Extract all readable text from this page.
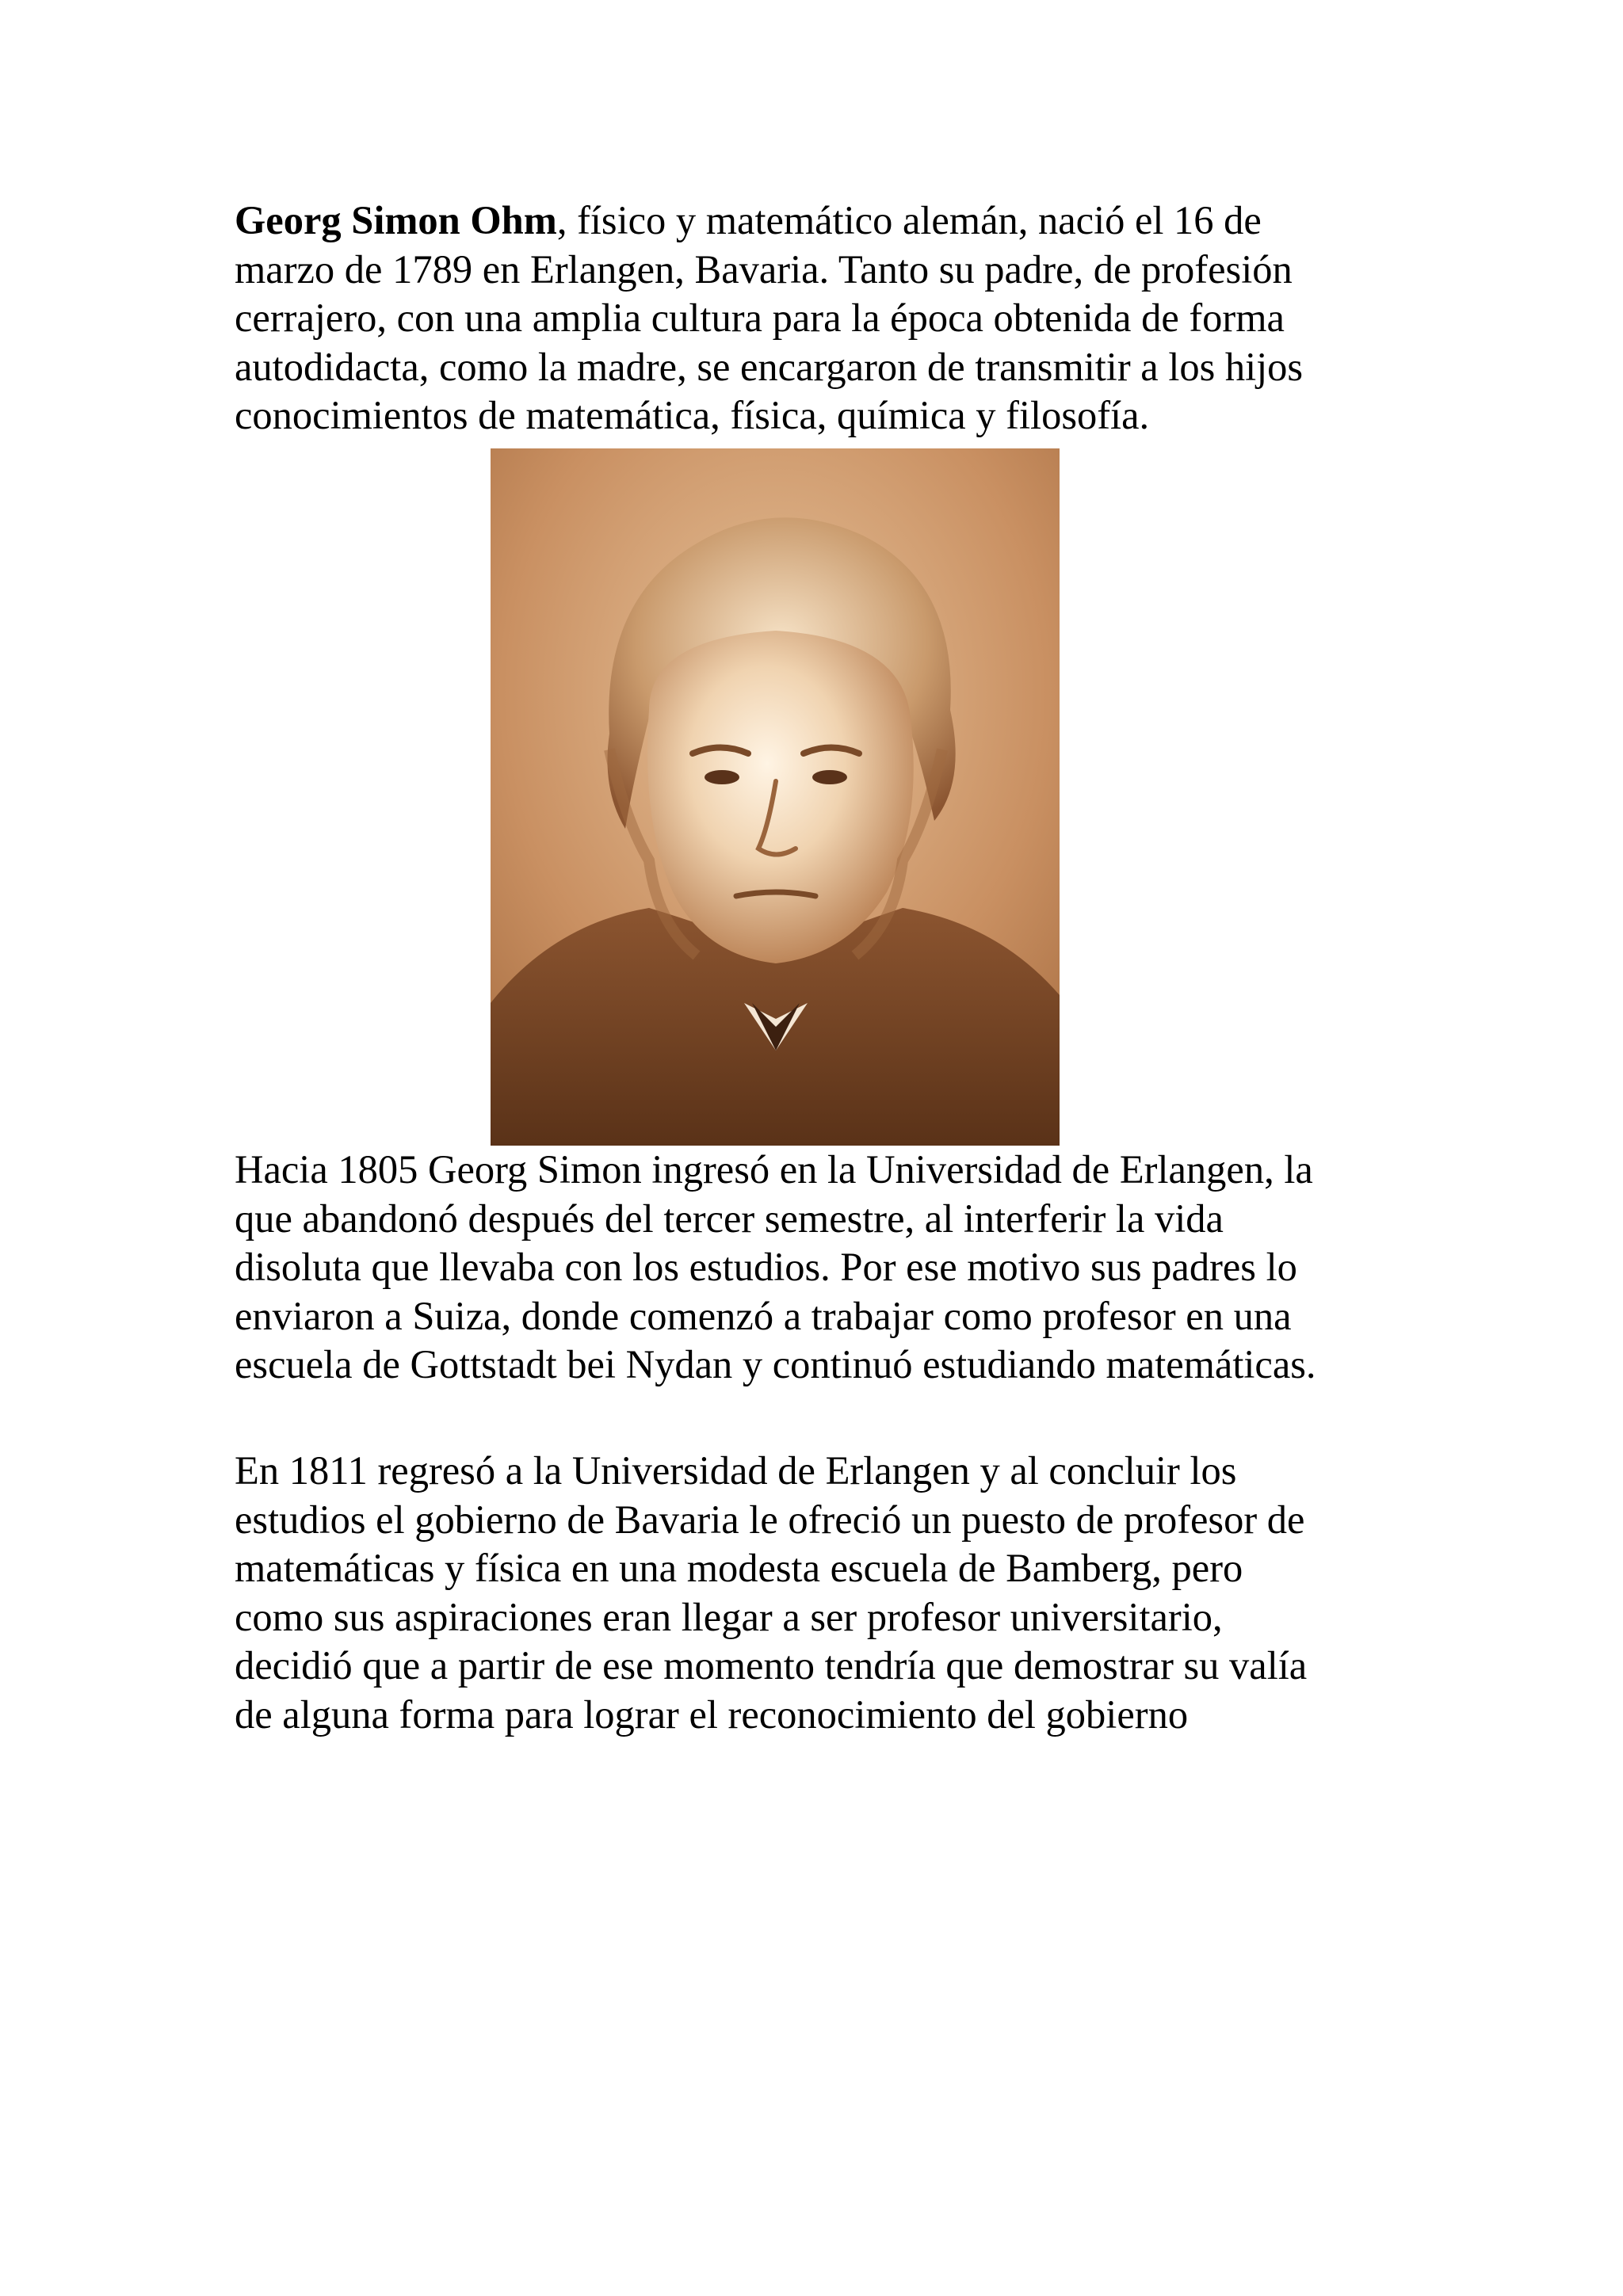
Georg Simon Ohm, físico y matemático alemán, nació el 16 de
marzo de 1789 en Erlangen, Bavaria. Tanto su padre, de profesión
cerrajero, con una amplia cultura para la época obtenida de forma
autodidacta, como la madre, se encargaron de transmitir a los hijos
conocimientos de matemática, física, química y filosofía.
Hacia 1805 Georg Simon ingresó en la Universidad de Erlangen, la
que abandonó después del tercer semestre, al interferir la vida
disoluta que llevaba con los estudios. Por ese motivo sus padres lo
enviaron a Suiza, donde comenzó a trabajar como profesor en una
escuela de Gottstadt bei Nydan y continuó estudiando matemáticas.
En 1811 regresó a la Universidad de Erlangen y al concluir los
estudios el gobierno de Bavaria le ofreció un puesto de profesor de
matemáticas y física en una modesta escuela de Bamberg, pero
como sus aspiraciones eran llegar a ser profesor universitario,
decidió que a partir de ese momento tendría que demostrar su valía
de alguna forma para lograr el reconocimiento del gobierno
